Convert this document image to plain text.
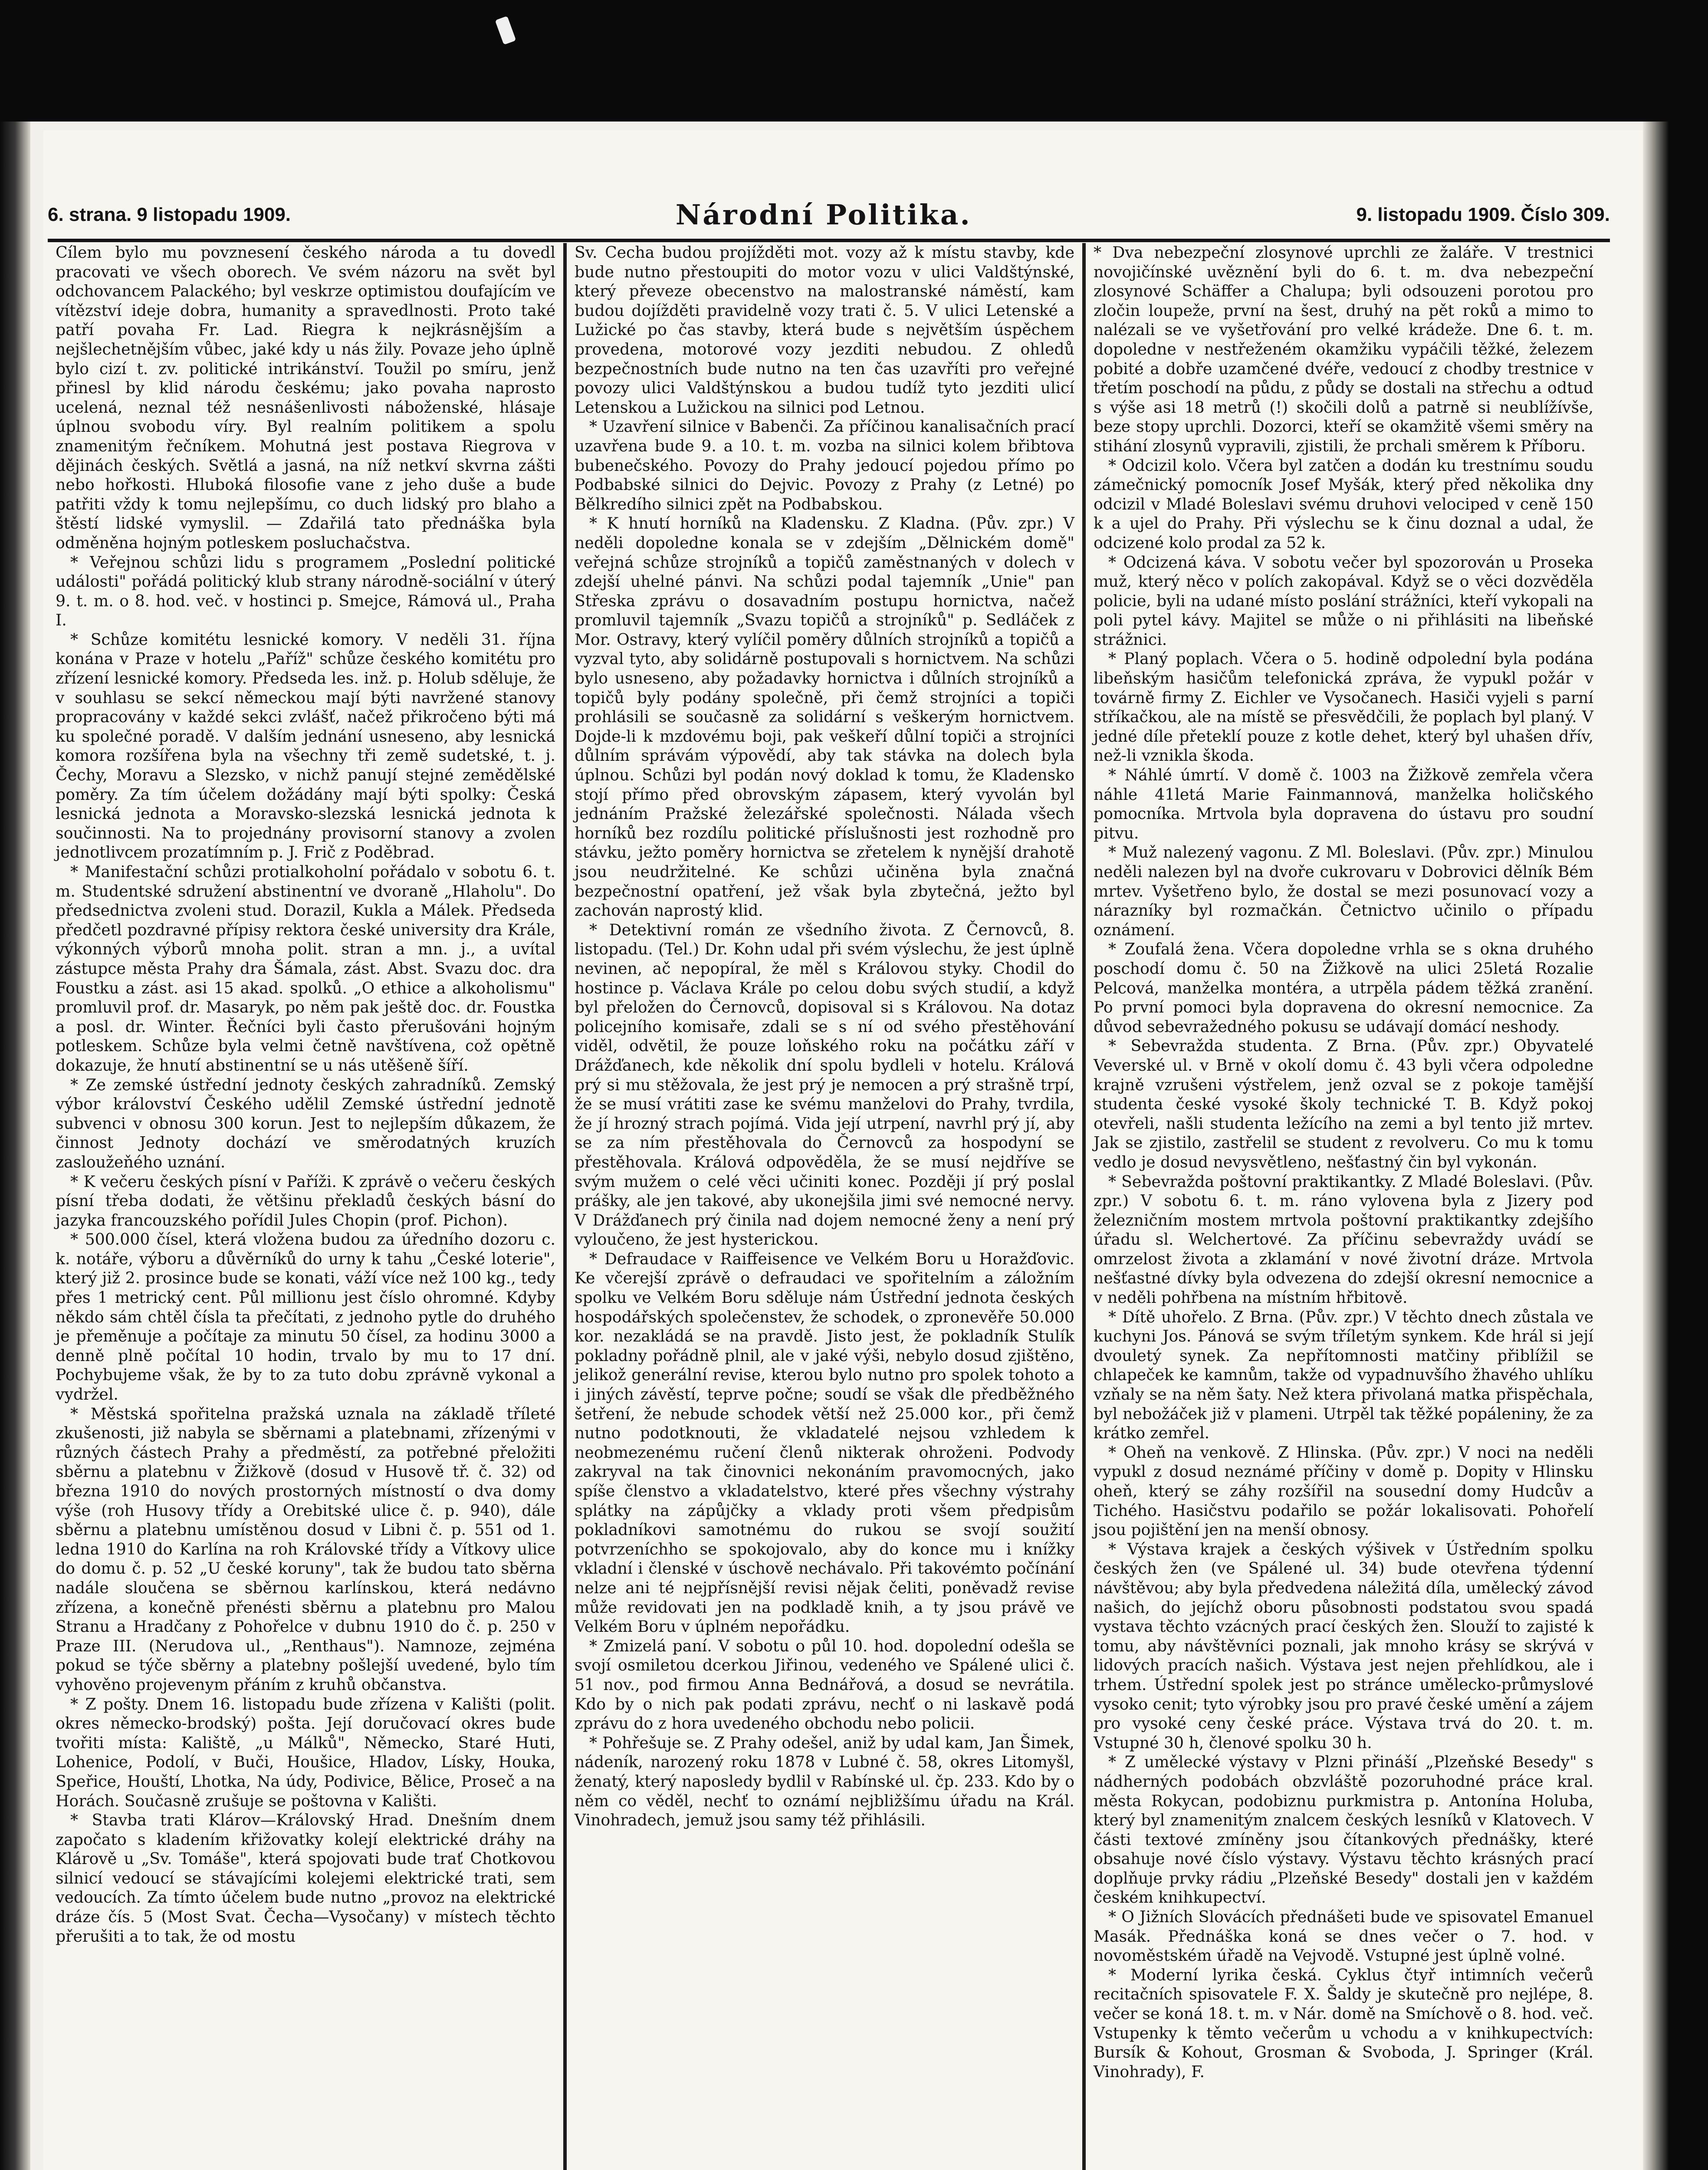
6. strana. 9 listopadu 1909.	Národní Politika.	9. listopadu 1909. Číslo 309.

Cílem bylo mu povznesení českého národa a tu dovedl pracovati ve všech oborech. Ve svém názoru na svět byl odchovancem Palackého; byl veskrze optimistou doufajícím ve vítězství ideje dobra, humanity a spravedlnosti. Proto také patří povaha Fr. Lad. Riegra k nejkrásnějším a nejšlechetnějším vůbec, jaké kdy u nás žily. Povaze jeho úplně bylo cizí t. zv. politické intrikánství. Toužil po smíru, jenž přinesl by klid národu českému; jako povaha naprosto ucelená, neznal též nesnášenlivosti náboženské, hlásaje úplnou svobodu víry. Byl realním politikem a spolu znamenitým řečníkem. Mohutná jest postava Riegrova v dějinách českých. Světlá a jasná, na níž netkví skvrna zášti nebo hořkosti. Hluboká filosofie vane z jeho duše a bude patřiti vždy k tomu nejlepšímu, co duch lidský pro blaho a štěstí lidské vymyslil. — Zdařilá tato přednáška byla odměněna hojným potleskem posluchačstva.

* Veřejnou schůzi lidu s programem „Poslední politické události" pořádá politický klub strany národně-sociální v úterý 9. t. m. o 8. hod. več. v hostinci p. Smejce, Rámová ul., Praha I.

* Schůze komitétu lesnické komory. V neděli 31. října konána v Praze v hotelu „Paříž" schůze českého komitétu pro zřízení lesnické komory. Předseda les. inž. p. Holub sděluje, že v souhlasu se sekcí německou mají býti navržené stanovy propracovány v každé sekci zvlášť, načež přikročeno býti má ku společné poradě. V dalším jednání usneseno, aby lesnická komora rozšířena byla na všechny tři země sudetské, t. j. Čechy, Moravu a Slezsko, v nichž panují stejné zemědělské poměry. Za tím účelem dožádány mají býti spolky: Česká lesnická jednota a Moravsko-slezská lesnická jednota k součinnosti. Na to projednány provisorní stanovy a zvolen jednotlivcem prozatímním p. J. Frič z Poděbrad.

* Manifestační schůzi protialkoholní pořádalo v sobotu 6. t. m. Studentské sdružení abstinentní ve dvoraně „Hlaholu". Do předsednictva zvoleni stud. Dorazil, Kukla a Málek. Předseda předčetl pozdravné přípisy rektora české university dra Krále, výkonných výborů mnoha polit. stran a mn. j., a uvítal zástupce města Prahy dra Šámala, zást. Abst. Svazu doc. dra Foustku a zást. asi 15 akad. spolků. „O ethice a alkoholismu" promluvil prof. dr. Masaryk, po něm pak ještě doc. dr. Foustka a posl. dr. Winter. Řečníci byli často přerušováni hojným potleskem. Schůze byla velmi četně navštívena, což opětně dokazuje, že hnutí abstinentní se u nás utěšeně šíří.

* Ze zemské ústřední jednoty českých zahradníků. Zemský výbor království Českého udělil Zemské ústřední jednotě subvenci v obnosu 300 korun. Jest to nejlepším důkazem, že činnost Jednoty dochází ve směrodatných kruzích zasloužeňého uznání.

* K večeru českých písní v Paříži. K zprávě o večeru českých písní třeba dodati, že většinu překladů českých básní do jazyka francouzského pořídil Jules Chopin (prof. Pichon).

* 500.000 čísel, která vložena budou za úředního dozoru c. k. notáře, výboru a důvěrníků do urny k tahu „České loterie", který již 2. prosince bude se konati, váží více než 100 kg., tedy přes 1 metrický cent. Půl millionu jest číslo ohromné. Kdyby někdo sám chtěl čísla ta přečítati, z jednoho pytle do druhého je přeměnuje a počítaje za minutu 50 čísel, za hodinu 3000 a denně plně počítal 10 hodin, trvalo by mu to 17 dní. Pochybujeme však, že by to za tuto dobu zprávně vykonal a vydržel.

* Městská spořitelna pražská uznala na základě tříleté zkušenosti, již nabyla se sběrnami a platebnami, zřízenými v různých částech Prahy a předměstí, za potřebné přeložiti sběrnu a platebnu v Žižkově (dosud v Husově tř. č. 32) od března 1910 do nových prostorných místností o dva domy výše (roh Husovy třídy a Orebitské ulice č. p. 940), dále sběrnu a platebnu umístěnou dosud v Libni č. p. 551 od 1. ledna 1910 do Karlína na roh Královské třídy a Vítkovy ulice do domu č. p. 52 „U české koruny", tak že budou tato sběrna nadále sloučena se sběrnou karlínskou, která nedávno zřízena, a konečně přenésti sběrnu a platebnu pro Malou Stranu a Hradčany z Pohořelce v dubnu 1910 do č. p. 250 v Praze III. (Nerudova ul., „Renthaus"). Namnoze, zejména pokud se týče sběrny a platebny pošlejší uvedené, bylo tím vyhověno projevenym přáním z kruhů občanstva.

* Z pošty. Dnem 16. listopadu bude zřízena v Kališti (polit. okres německo-brodský) pošta. Její doručovací okres bude tvořiti místa: Kaliště, „u Málků", Německo, Staré Huti, Lohenice, Podolí, v Buči, Houšice, Hladov, Lísky, Houka, Speřice, Houští, Lhotka, Na údy, Podivice, Bělice, Proseč a na Horách. Současně zrušuje se poštovna v Kališti.

* Stavba trati Klárov—Královský Hrad. Dnešním dnem započato s kladením křižovatky kolejí elektrické dráhy na Klárově u „Sv. Tomáše", která spojovati bude trať Chotkovou silnicí vedoucí se stávajícími kolejemi elektrické trati, sem vedoucích. Za tímto účelem bude nutno „provoz na elektrické dráze čís. 5 (Most Svat. Čecha—Vysočany) v místech těchto přerušiti a to tak, že od mostu

Sv. Cecha budou projížděti mot. vozy až k místu stavby, kde bude nutno přestoupiti do motor vozu v ulici Valdštýnské, který převeze obecenstvo na malostranské náměstí, kam budou dojížděti pravidelně vozy trati č. 5. V ulici Letenské a Lužické po čas stavby, která bude s největším úspěchem provedena, motorové vozy jezditi nebudou. Z ohledů bezpečnostních bude nutno na ten čas uzavříti pro veřejné povozy ulici Valdštýnskou a budou tudíž tyto jezditi ulicí Letenskou a Lužickou na silnici pod Letnou.

* Uzavření silnice v Babenči. Za příčinou kanalisačních prací uzavřena bude 9. a 10. t. m. vozba na silnici kolem břibtova bubenečského. Povozy do Prahy jedoucí pojedou přímo po Podbabské silnici do Dejvic. Povozy z Prahy (z Letné) po Bělkredího silnici zpět na Podbabskou.

* K hnutí horníků na Kladensku. Z Kladna. (Pův. zpr.) V neděli dopoledne konala se v zdejším „Dělnickém domě" veřejná schůze strojníků a topičů zaměstnaných v dolech v zdejší uhelné pánvi. Na schůzi podal tajemník „Unie" pan Střeska zprávu o dosavadním postupu hornictva, načež promluvil tajemník „Svazu topičů a strojníků" p. Sedláček z Mor. Ostravy, který vylíčil poměry důlních strojníků a topičů a vyzval tyto, aby solidárně postupovali s hornictvem. Na schůzi bylo usneseno, aby požadavky hornictva i důlních strojníků a topičů byly podány společně, při čemž strojníci a topiči prohlásili se současně za solidární s veškerým hornictvem. Dojde-li k mzdovému boji, pak veškeří důlní topiči a strojníci důlním správám výpovědí, aby tak stávka na dolech byla úplnou. Schůzi byl podán nový doklad k tomu, že Kladensko stojí přímo před obrovským zápasem, který vyvolán byl jednáním Pražské železářské společnosti. Nálada všech horníků bez rozdílu politické příslušnosti jest rozhodně pro stávku, ježto poměry hornictva se zřetelem k nynější drahotě jsou neudržitelné. Ke schůzi učiněna byla značná bezpečnostní opatření, jež však byla zbytečná, ježto byl zachován naprostý klid.

* Detektivní román ze všedního života. Z Černovců, 8. listopadu. (Tel.) Dr. Kohn udal při svém výslechu, že jest úplně nevinen, ač nepopíral, že měl s Královou styky. Chodil do hostince p. Václava Krále po celou dobu svých studií, a když byl přeložen do Černovců, dopisoval si s Královou. Na dotaz policejního komisaře, zdali se s ní od svého přestěhování viděl, odvětil, že pouze loňského roku na počátku září v Drážďanech, kde několik dní spolu bydleli v hotelu. Králová prý si mu stěžovala, že jest prý je nemocen a prý strašně trpí, že se musí vrátiti zase ke svému manželovi do Prahy, tvrdila, že jí hrozný strach pojímá. Vida její utrpení, navrhl prý jí, aby se za ním přestěhovala do Černovců za hospodyní se přestěhovala. Králová odpověděla, že se musí nejdříve se svým mužem o celé věci učiniti konec. Později jí prý poslal prášky, ale jen takové, aby ukonejšila jimi své nemocné nervy. V Drážďanech prý činila nad dojem nemocné ženy a není prý vyloučeno, že jest hysterickou.

* Defraudace v Raiffeisence ve Velkém Boru u Horažďovic. Ke včerejší zprávě o defraudaci ve spořitelním a záložním spolku ve Velkém Boru sděluje nám Ústřední jednota českých hospodářských společenstev, že schodek, o zpronevěře 50.000 kor. nezakládá se na pravdě. Jisto jest, že pokladník Stulík pokladny pořádně plnil, ale v jaké výši, nebylo dosud zjištěno, jelikož generální revise, kterou bylo nutno pro spolek tohoto a i jiných závěstí, teprve počne; soudí se však dle předběžného šetření, že nebude schodek větší než 25.000 kor., při čemž nutno podotknouti, že vkladatelé nejsou vzhledem k neobmezenému ručení členů nikterak ohroženi. Podvody zakryval na tak činovnici nekonáním pravomocných, jako spíše členstvo a vkladatelstvo, které přes všechny výstrahy splátky na zápůjčky a vklady proti všem předpisům pokladníkovi samotnému do rukou se svojí soužití potvrzeníchho se spokojovalo, aby do konce mu i knížky vkladní i členské v úschově nechávalo. Při takovémto počínání nelze ani té nejpřísnější revisi nějak čeliti, poněvadž revise může revidovati jen na podkladě knih, a ty jsou právě ve Velkém Boru v úplném nepořádku.

* Zmizelá paní. V sobotu o půl 10. hod. dopolední odešla se svojí osmiletou dcerkou Jiřinou, vedeného ve Spálené ulici č. 51 nov., pod firmou Anna Bednářová, a dosud se nevrátila. Kdo by o nich pak podati zprávu, nechť o ni laskavě podá zprávu do z hora uvedeného obchodu nebo policii.

* Pohřešuje se. Z Prahy odešel, aniž by udal kam, Jan Šimek, nádeník, narozený roku 1878 v Lubné č. 58, okres Litomyšl, ženatý, který naposledy bydlil v Rabínské ul. čp. 233. Kdo by o něm co věděl, nechť to oznámí nejbližšímu úřadu na Král. Vinohradech, jemuž jsou samy též přihlásili.

* Dva nebezpeční zlosynové uprchli ze žaláře. V trestnici novojičínské uvěznění byli do 6. t. m. dva nebezpeční zlosynové Schäffer a Chalupa; byli odsouzeni porotou pro zločin loupeže, první na šest, druhý na pět roků a mimo to nalézali se ve vyšetřování pro velké krádeže. Dne 6. t. m. dopoledne v nestřeženém okamžiku vypáčili těžké, železem pobité a dobře uzamčené dvéře, vedoucí z chodby trestnice v třetím poschodí na půdu, z půdy se dostali na střechu a odtud s výše asi 18 metrů (!) skočili dolů a patrně si neublížívše, beze stopy uprchli. Dozorci, kteří se okamžitě všemi směry na stihání zlosynů vypravili, zjistili, že prchali směrem k Příboru.

* Odcizil kolo. Včera byl zatčen a dodán ku trestnímu soudu zámečnický pomocník Josef Myšák, který před několika dny odcizil v Mladé Boleslavi svému druhovi velociped v ceně 150 k a ujel do Prahy. Při výslechu se k činu doznal a udal, že odcizené kolo prodal za 52 k.

* Odcizená káva. V sobotu večer byl spozorován u Proseka muž, který něco v polích zakopával. Když se o věci dozvěděla policie, byli na udané místo poslání strážníci, kteří vykopali na poli pytel kávy. Majitel se může o ni přihlásiti na libeňské strážnici.

* Planý poplach. Včera o 5. hodině odpolední byla podána libeňským hasičům telefonická zpráva, že vypukl požár v továrně firmy Z. Eichler ve Vysočanech. Hasiči vyjeli s parní stříkačkou, ale na místě se přesvědčili, že poplach byl planý. V jedné díle přeteklí pouze z kotle dehet, který byl uhašen dřív, než-li vznikla škoda.

* Náhlé úmrtí. V domě č. 1003 na Žižkově zemřela včera náhle 41letá Marie Fainmannová, manželka holičského pomocníka. Mrtvola byla dopravena do ústavu pro soudní pitvu.

* Muž nalezený vagonu. Z Ml. Boleslavi. (Pův. zpr.) Minulou neděli nalezen byl na dvoře cukrovaru v Dobrovici dělník Bém mrtev. Vyšetřeno bylo, že dostal se mezi posunovací vozy a nárazníky byl rozmačkán. Četnictvo učinilo o případu oznámení.

* Zoufalá žena. Včera dopoledne vrhla se s okna druhého poschodí domu č. 50 na Žižkově na ulici 25letá Rozalie Pelcová, manželka montéra, a utrpěla pádem těžká zranění. Po první pomoci byla dopravena do okresní nemocnice. Za důvod sebevražedného pokusu se udávají domácí neshody.

* Sebevražda studenta. Z Brna. (Pův. zpr.) Obyvatelé Veverské ul. v Brně v okolí domu č. 43 byli včera odpoledne krajně vzrušeni výstřelem, jenž ozval se z pokoje tamější studenta české vysoké školy technické T. B. Když pokoj otevřeli, našli studenta ležícího na zemi a byl tento již mrtev. Jak se zjistilo, zastřelil se student z revolveru. Co mu k tomu vedlo je dosud nevysvětleno, nešťastný čin byl vykonán.

* Sebevražda poštovní praktikantky. Z Mladé Boleslavi. (Pův. zpr.) V sobotu 6. t. m. ráno vylovena byla z Jizery pod železničním mostem mrtvola poštovní praktikantky zdejšího úřadu sl. Welchertové. Za příčinu sebevraždy uvádí se omrzelost života a zklamání v nové životní dráze. Mrtvola nešťastné dívky byla odvezena do zdejší okresní nemocnice a v neděli pohřbena na místním hřbitově.

* Dítě uhořelo. Z Brna. (Pův. zpr.) V těchto dnech zůstala ve kuchyni Jos. Pánová se svým tříletým synkem. Kde hrál si její dvouletý synek. Za nepřítomnosti matčiny přiblížil se chlapeček ke kamnům, takže od vypadnuvšího žhavého uhlíku vzňaly se na něm šaty. Než ktera přivolaná matka přispěchala, byl nebožáček již v plameni. Utrpěl tak těžké popáleniny, že za krátko zemřel.

* Oheň na venkově. Z Hlinska. (Pův. zpr.) V noci na neděli vypukl z dosud neznámé příčiny v domě p. Dopity v Hlinsku oheň, který se záhy rozšířil na sousední domy Hudcův a Tichého. Hasičstvu podařilo se požár lokalisovati. Pohořelí jsou pojištění jen na menší obnosy.

* Výstava krajek a českých výšivek v Ústředním spolku českých žen (ve Spálené ul. 34) bude otevřena týdenní návštěvou; aby byla předvedena náležitá díla, umělecký závod našich, do jejíchž oboru působnosti podstatou svou spadá vystava těchto vzácných prací českých žen. Slouží to zajisté k tomu, aby návštěvníci poznali, jak mnoho krásy se skrývá v lidových pracích našich. Výstava jest nejen přehlídkou, ale i trhem. Ústřední spolek jest po stránce umělecko-průmyslové vysoko cenit; tyto výrobky jsou pro pravé české umění a zájem pro vysoké ceny české práce. Výstava trvá do 20. t. m. Vstupné 30 h, členové spolku 30 h.

* Z umělecké výstavy v Plzni přináší „Plzeňské Besedy" s nádherných podobách obzvláště pozoruhodné práce kral. města Rokycan, podobiznu purkmistra p. Antonína Holuba, který byl znamenitým znalcem českých lesníků v Klatovech. V části textové zmíněny jsou čítankových přednášky, které obsahuje nové číslo výstavy. Výstavu těchto krásných prací doplňuje prvky rádiu „Plzeňské Besedy" dostali jen v každém českém knihkupectví.

* O Jižních Slovácích přednášeti bude ve spisovatel Emanuel Masák. Přednáška koná se dnes večer o 7. hod. v novoměstském úřadě na Vejvodě. Vstupné jest úplně volné.

* Moderní lyrika česká. Cyklus čtyř intimních večerů recitačních spisovatele F. X. Šaldy je skutečně pro nejlépe, 8. večer se koná 18. t. m. v Nár. domě na Smíchově o 8. hod. več. Vstupenky k těmto večerům u vchodu a v knihkupectvích: Bursík & Kohout, Grosman & Svoboda, J. Springer (Král. Vinohrady), F.
